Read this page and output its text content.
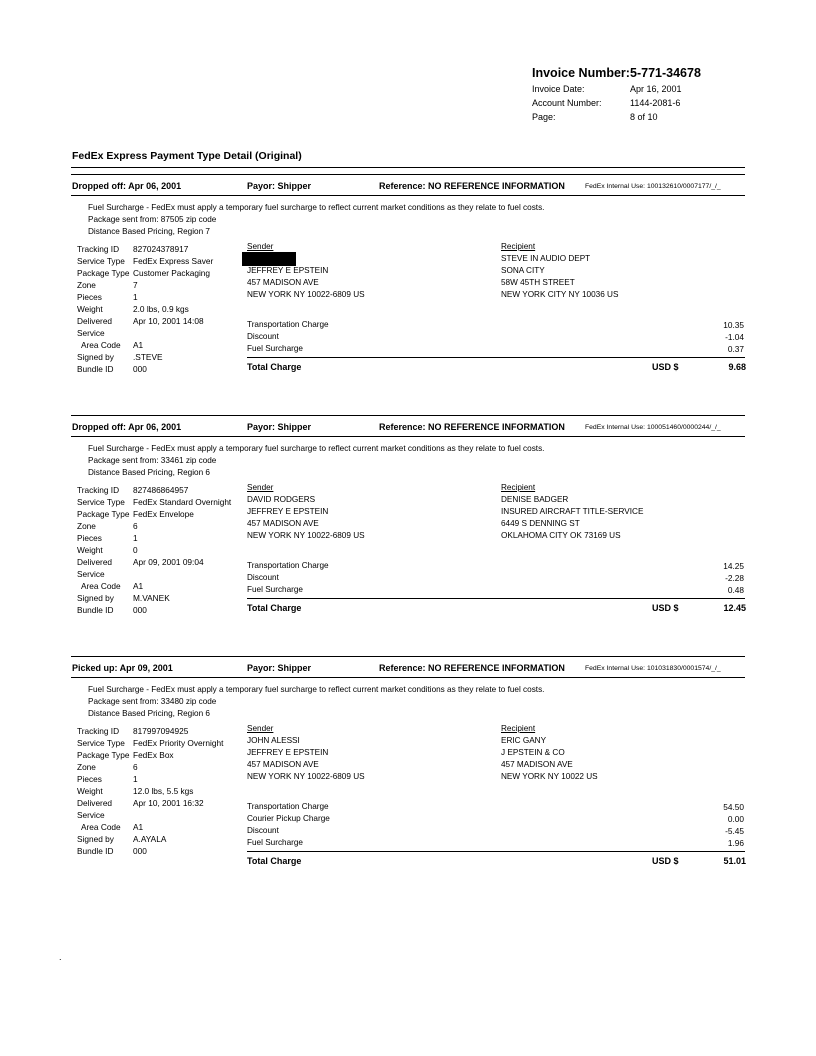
Invoice Number: 5-771-34678
Invoice Date:	Apr 16, 2001
Account Number:	1144-2081-6
Page:	8 of 10
FedEx Express Payment Type Detail (Original)
Dropped off: Apr 06, 2001	Payor: Shipper	Reference: NO REFERENCE INFORMATION	FedEx Internal Use: 100132610/0007177/_/_
Fuel Surcharge - FedEx must apply a temporary fuel surcharge to reflect current market conditions as they relate to fuel costs.
Package sent from: 87505 zip code
Distance Based Pricing, Region 7
Tracking ID 827024378917
Service Type FedEx Express Saver
Package Type Customer Packaging
Zone	7
Pieces	1
Weight	2.0 lbs, 0.9 kgs
Delivered	Apr 10, 2001 14:08
Service
Area Code A1
Signed by .STEVE
Bundle ID 000
Sender
JEFFREY E EPSTEIN
457 MADISON AVE
NEW YORK NY 10022-6809 US
Recipient
STEVE IN AUDIO DEPT
SONA CITY
58W 45TH STREET
NEW YORK CITY NY 10036 US
Transportation Charge	10.35
Discount	-1.04
Fuel Surcharge	0.37
Total Charge	USD $	9.68
Dropped off: Apr 06, 2001	Payor: Shipper	Reference: NO REFERENCE INFORMATION	FedEx Internal Use: 100051460/0000244/_/_
Fuel Surcharge - FedEx must apply a temporary fuel surcharge to reflect current market conditions as they relate to fuel costs.
Package sent from: 33461 zip code
Distance Based Pricing, Region 6
Tracking ID 827486864957
Service Type FedEx Standard Overnight
Package Type FedEx Envelope
Zone	6
Pieces	1
Weight	0
Delivered	Apr 09, 2001 09:04
Service
Area Code A1
Signed by M.VANEK
Bundle ID 000
Sender
DAVID RODGERS
JEFFREY E EPSTEIN
457 MADISON AVE
NEW YORK NY 10022-6809 US
Recipient
DENISE BADGER
INSURED AIRCRAFT TITLE-SERVICE
6449 S DENNING ST
OKLAHOMA CITY OK 73169 US
Transportation Charge	14.25
Discount	-2.28
Fuel Surcharge	0.48
Total Charge	USD $	12.45
Picked up: Apr 09, 2001	Payor: Shipper	Reference: NO REFERENCE INFORMATION	FedEx Internal Use: 101031830/0001574/_/_
Fuel Surcharge - FedEx must apply a temporary fuel surcharge to reflect current market conditions as they relate to fuel costs.
Package sent from: 33480 zip code
Distance Based Pricing, Region 6
Tracking ID 817997094925
Service Type FedEx Priority Overnight
Package Type FedEx Box
Zone	6
Pieces	1
Weight	12.0 lbs, 5.5 kgs
Delivered	Apr 10, 2001 16:32
Service
Area Code A1
Signed by A.AYALA
Bundle ID 000
Sender
JOHN ALESSI
JEFFREY E EPSTEIN
457 MADISON AVE
NEW YORK NY 10022-6809 US
Recipient
ERIC GANY
J EPSTEIN & CO
457 MADISON AVE
NEW YORK NY 10022 US
Transportation Charge	54.50
Courier Pickup Charge	0.00
Discount	-5.45
Fuel Surcharge	1.96
Total Charge	USD $	51.01
.
